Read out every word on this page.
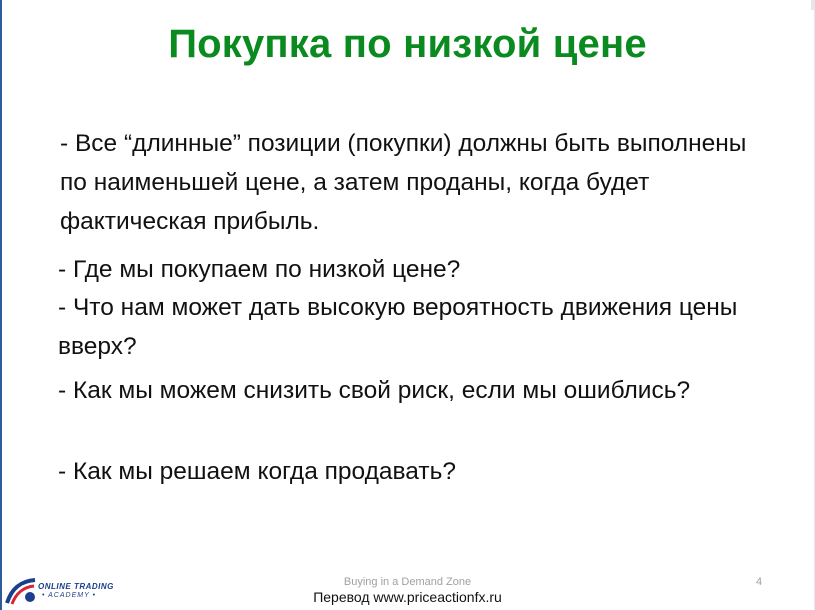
Покупка по низкой цене
- Все “длинные” позиции (покупки) должны быть выполнены по наименьшей цене, а затем проданы, когда будет фактическая прибыль.
- Где мы покупаем по низкой цене?
- Что нам может дать высокую вероятность движения цены вверх?
- Как мы можем снизить свой риск, если мы ошиблись?
- Как мы решаем когда продавать?
ONLINE TRADING
• ACADEMY •
Buying in a Demand Zone
Перевод www.priceactionfx.ru
4
